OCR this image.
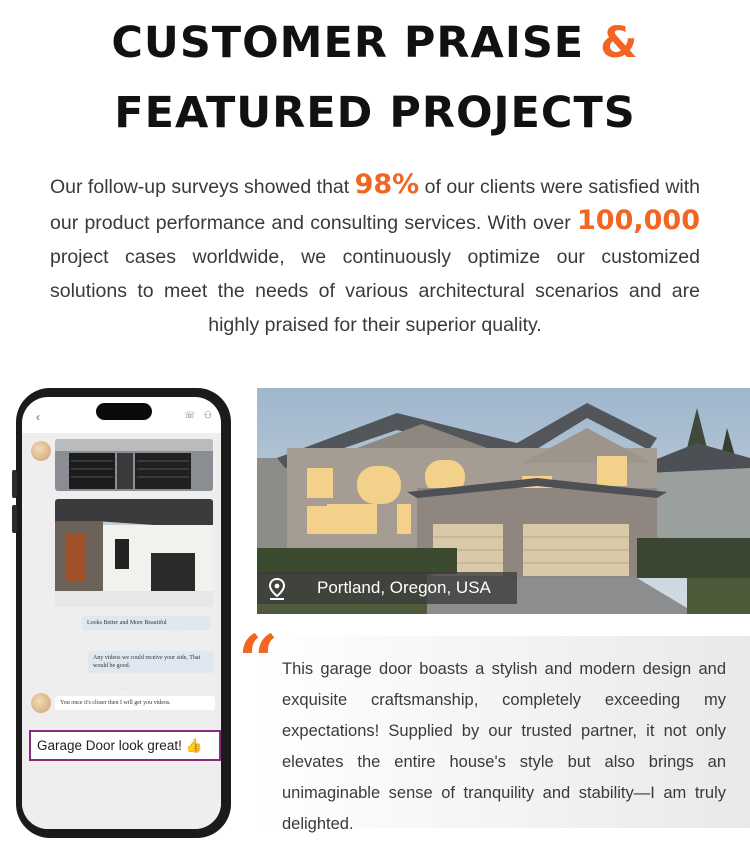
CUSTOMER PRAISE &
FEATURED PROJECTS

Our follow-up surveys showed that 98% of our clients were satisfied with our product performance and consulting services. With over 100,000 project cases worldwide, we continuously optimize our customized solutions to meet the needs of various architectural scenarios and are highly praised for their superior quality.

‹	☏ ⚇
Looks Better and More Beautiful
· · ·
Any videos we could receive your side, That would be good.
· · ·
You once it's closer then I will get you videos.
Garage Door look great! 👍
Portland, Oregon, USA
“ This garage door boasts a stylish and modern design and exquisite craftsmanship, completely exceeding my expectations! Supplied by our trusted partner, it not only elevates the entire house's style but also brings an unimaginable sense of tranquility and stability—I am truly delighted.
